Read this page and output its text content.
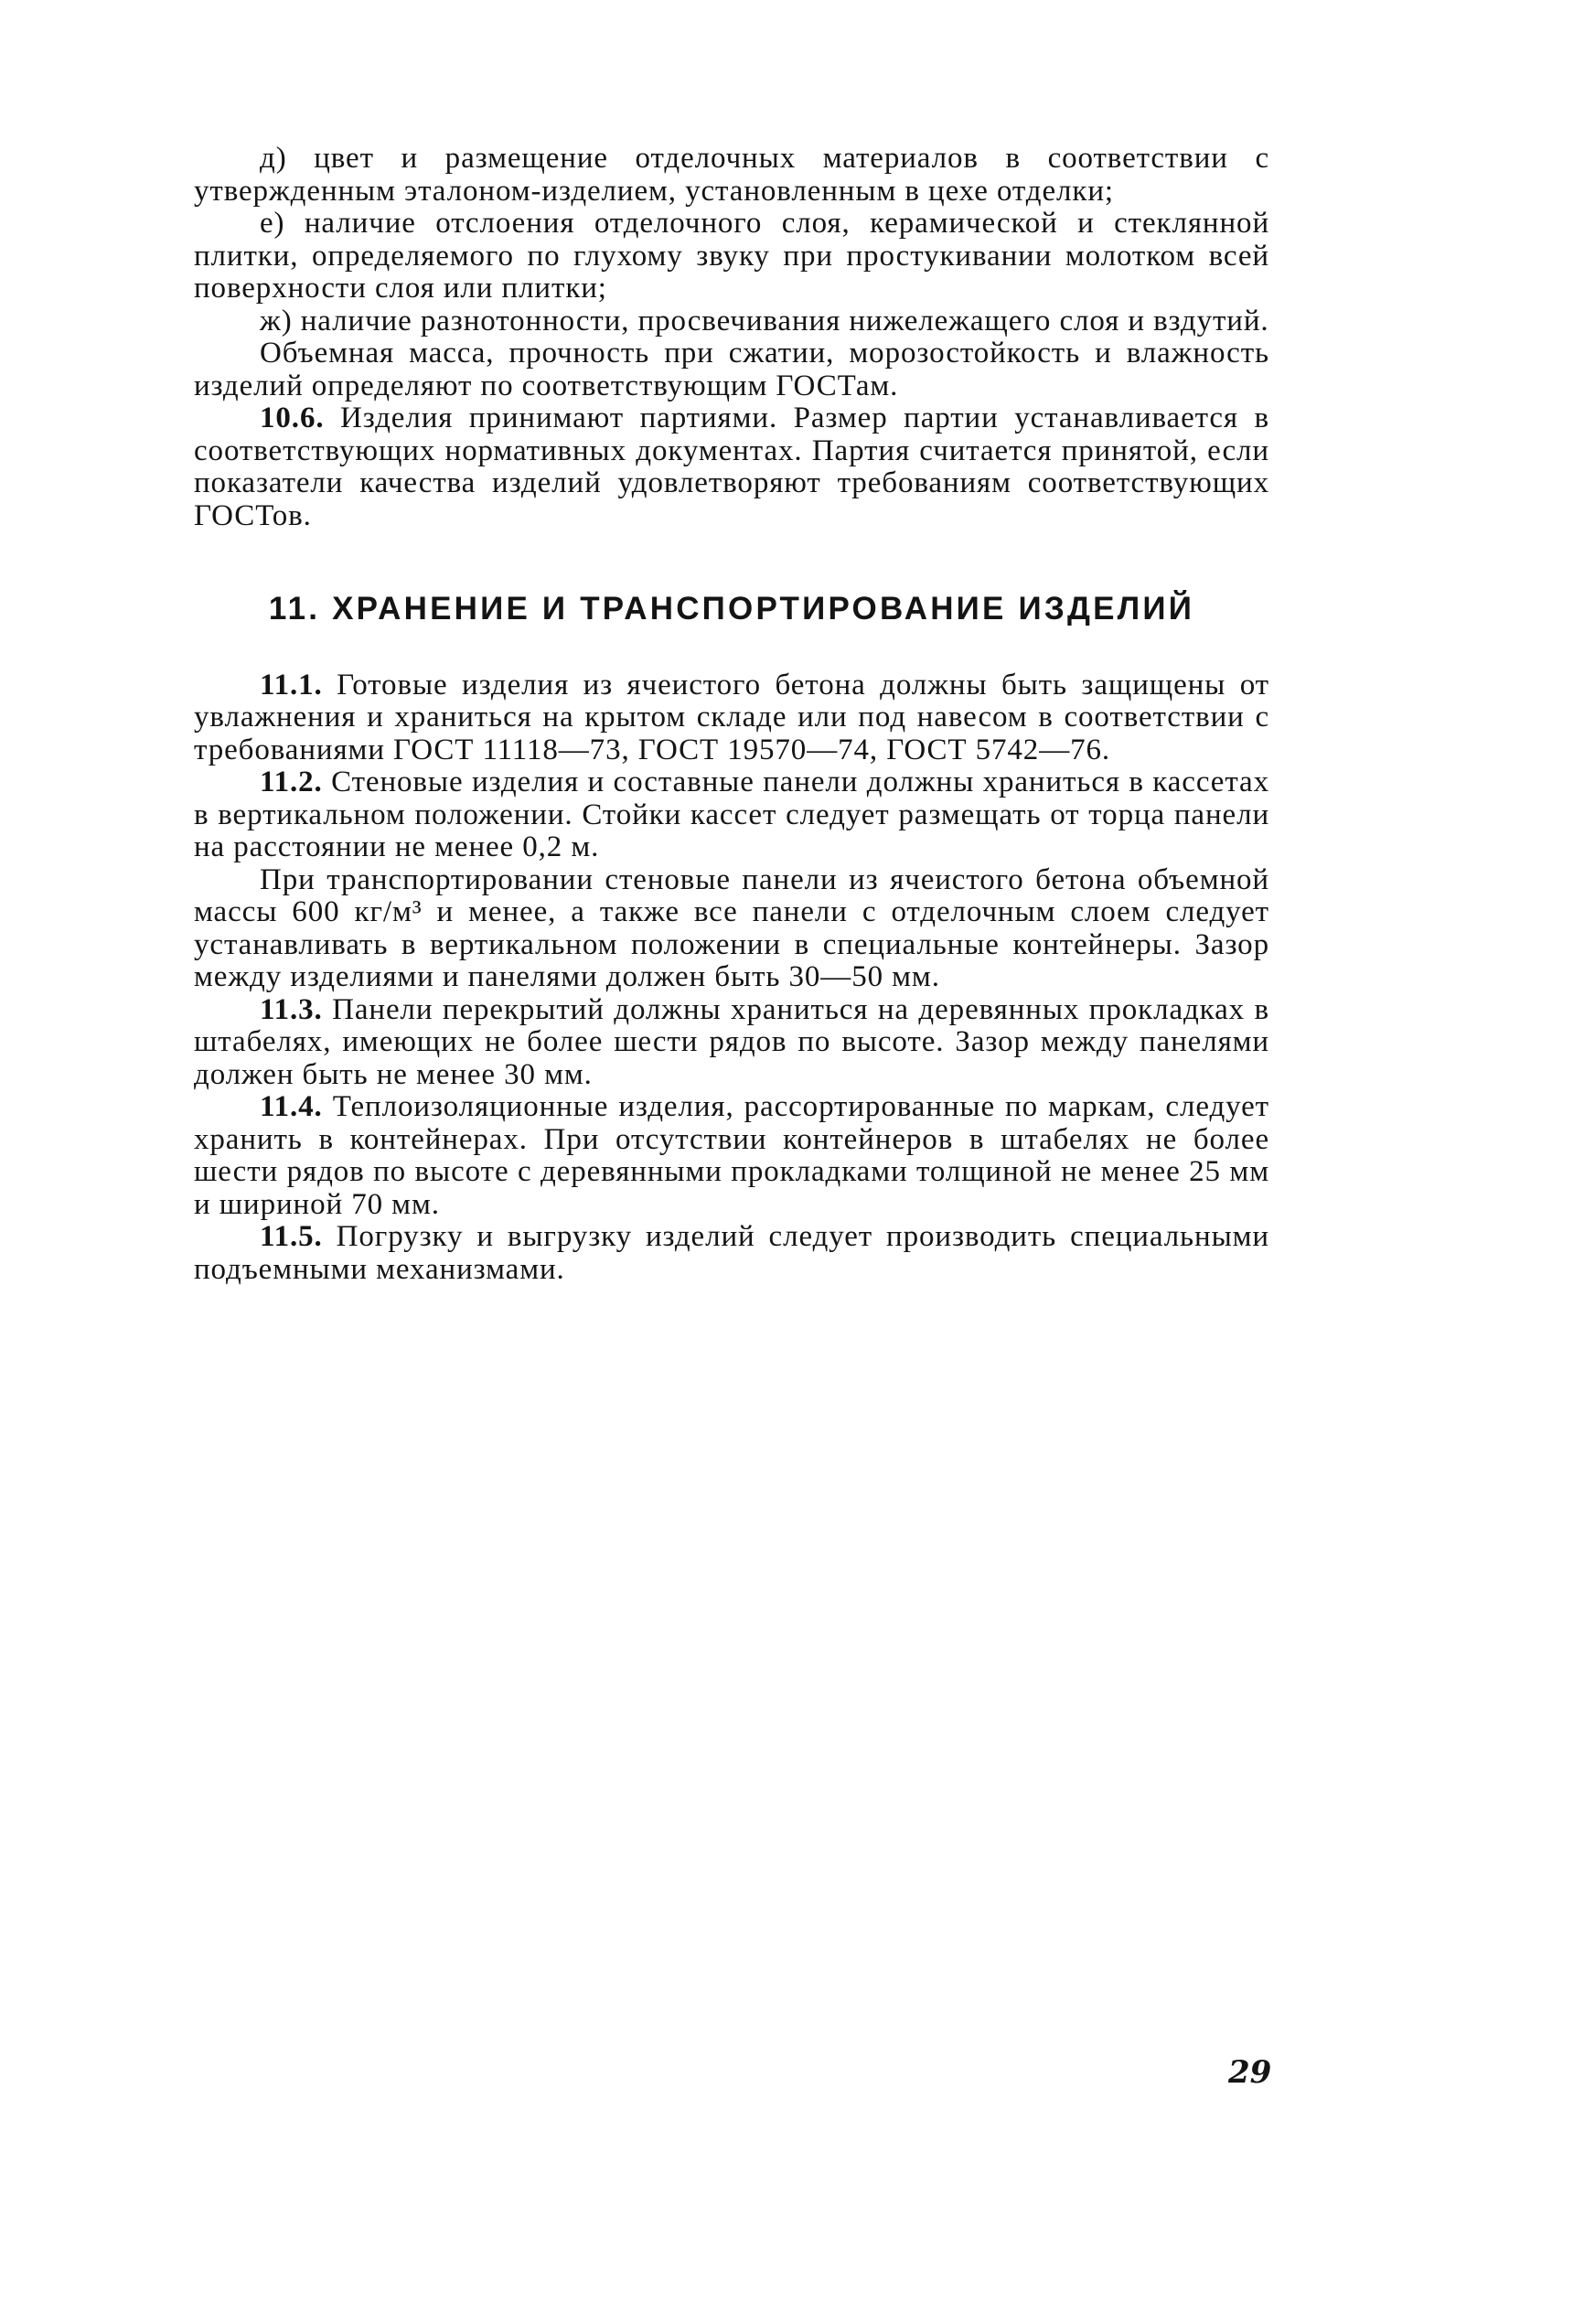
д) цвет и размещение отделочных материалов в соответствии с утвержденным эталоном-изделием, установленным в цехе отделки;

е) наличие отслоения отделочного слоя, керамической и стеклянной плитки, определяемого по глухому звуку при простукивании молотком всей поверхности слоя или плитки;

ж) наличие разнотонности, просвечивания нижележащего слоя и вздутий.

Объемная масса, прочность при сжатии, морозостойкость и влажность изделий определяют по соответствующим ГОСТам.

10.6. Изделия принимают партиями. Размер партии устанавливается в соответствующих нормативных документах. Партия считается принятой, если показатели качества изделий удовлетворяют требованиям соответствующих ГОСТов.

11. ХРАНЕНИЕ И ТРАНСПОРТИРОВАНИЕ ИЗДЕЛИЙ

11.1. Готовые изделия из ячеистого бетона должны быть защищены от увлажнения и храниться на крытом складе или под навесом в соответствии с требованиями ГОСТ 11118—73, ГОСТ 19570—74, ГОСТ 5742—76.

11.2. Стеновые изделия и составные панели должны храниться в кассетах в вертикальном положении. Стойки кассет следует размещать от торца панели на расстоянии не менее 0,2 м.

При транспортировании стеновые панели из ячеистого бетона объемной массы 600 кг/м³ и менее, а также все панели с отделочным слоем следует устанавливать в вертикальном положении в специальные контейнеры. Зазор между изделиями и панелями должен быть 30—50 мм.

11.3. Панели перекрытий должны храниться на деревянных прокладках в штабелях, имеющих не более шести рядов по высоте. Зазор между панелями должен быть не менее 30 мм.

11.4. Теплоизоляционные изделия, рассортированные по маркам, следует хранить в контейнерах. При отсутствии контейнеров в штабелях не более шести рядов по высоте с деревянными прокладками толщиной не менее 25 мм и шириной 70 мм.

11.5. Погрузку и выгрузку изделий следует производить специальными подъемными механизмами.

29
